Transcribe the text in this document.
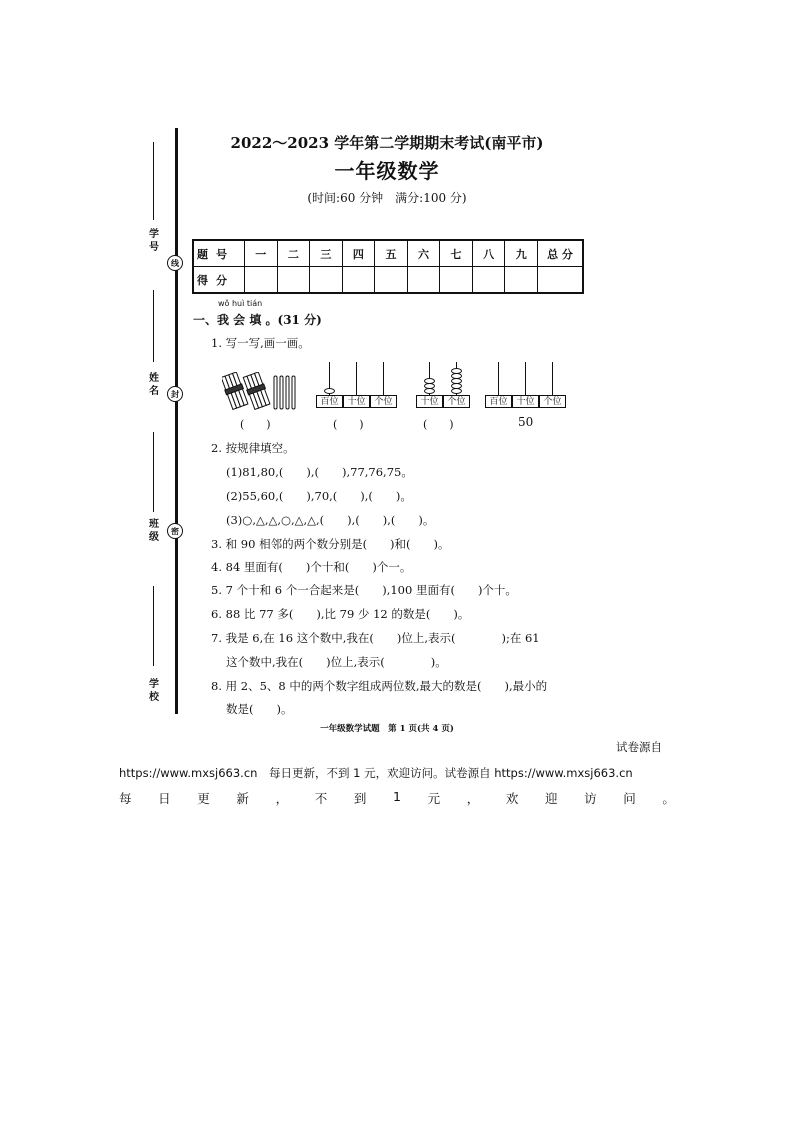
学号
姓名
班级
学校
线
封
密
2022～2023 学年第二学期期末考试(南平市)
一年级数学
(时间:60 分钟　满分:100 分)
题号	一	二	三	四	五	六	七	八	九	总 分
得分										
wǒ huì tián
一、我 会 填 。(31 分)
1. 写一写,画一画。
百位 十位 个位	十位 个位	百位 十位 个位
(　　)	(　　)	(　　)	50
2. 按规律填空。
(1)81,80,(　　),(　　),77,76,75。
(2)55,60,(　　),70,(　　),(　　)。
(3)○,△,△,○,△,△,(　　),(　　),(　　)。
3. 和 90 相邻的两个数分别是(　　)和(　　)。
4. 84 里面有(　　)个十和(　　)个一。
5. 7 个十和 6 个一合起来是(　　),100 里面有(　　)个十。
6. 88 比 77 多(　　),比 79 少 12 的数是(　　)。
7. 我是 6,在 16 这个数中,我在(　　)位上,表示(　　　　);在 61
这个数中,我在(　　)位上,表示(　　　　)。
8. 用 2、5、8 中的两个数字组成两位数,最大的数是(　　),最小的
数是(　　)。
一年级数学试题　第 1 页(共 4 页)
试卷源自
https://www.mxsj663.cn　每日更新，不到 1 元，欢迎访问。试卷源自 https://www.mxsj663.cn
每 日 更 新 ， 不 到 1 元 ， 欢 迎 访 问 。
